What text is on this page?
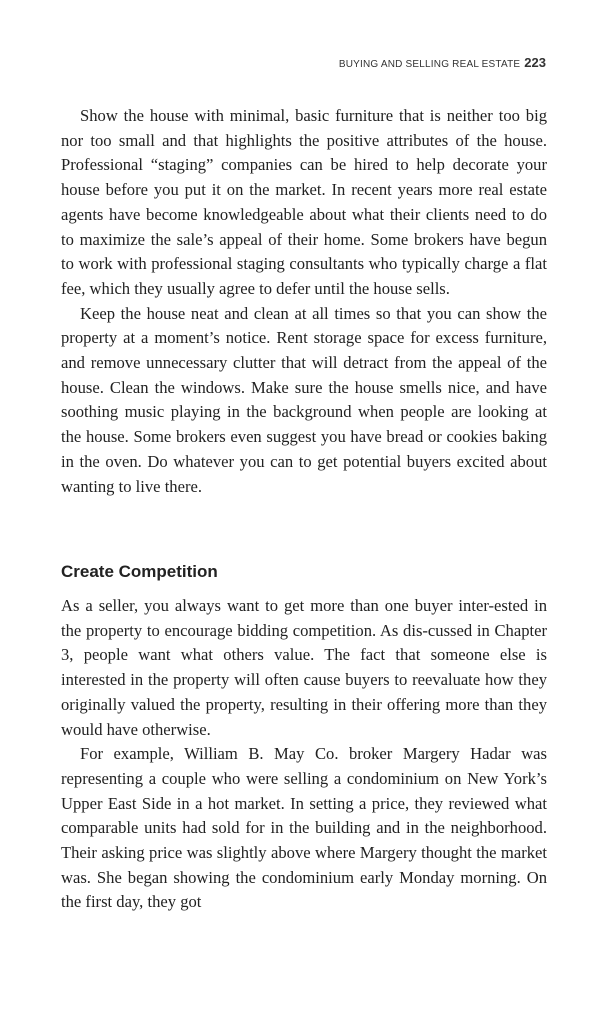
BUYING AND SELLING REAL ESTATE 223

Show the house with minimal, basic furniture that is neither too big nor too small and that highlights the positive attributes of the house. Professional “staging” companies can be hired to help decorate your house before you put it on the market. In recent years more real estate agents have become knowledgeable about what their clients need to do to maximize the sale’s appeal of their home. Some brokers have begun to work with professional staging consultants who typically charge a flat fee, which they usually agree to defer until the house sells.

Keep the house neat and clean at all times so that you can show the property at a moment’s notice. Rent storage space for excess furniture, and remove unnecessary clutter that will detract from the appeal of the house. Clean the windows. Make sure the house smells nice, and have soothing music playing in the background when people are looking at the house. Some brokers even suggest you have bread or cookies baking in the oven. Do whatever you can to get potential buyers excited about wanting to live there.

Create Competition

As a seller, you always want to get more than one buyer inter-ested in the property to encourage bidding competition. As dis-cussed in Chapter 3, people want what others value. The fact that someone else is interested in the property will often cause buyers to reevaluate how they originally valued the property, resulting in their offering more than they would have otherwise.

For example, William B. May Co. broker Margery Hadar was representing a couple who were selling a condominium on New York’s Upper East Side in a hot market. In setting a price, they reviewed what comparable units had sold for in the building and in the neighborhood. Their asking price was slightly above where Margery thought the market was. She began showing the condominium early Monday morning. On the first day, they got
